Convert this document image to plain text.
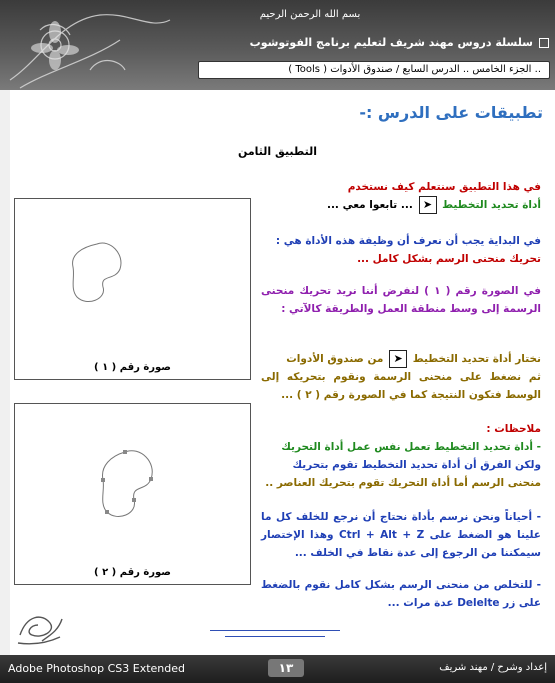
بسم الله الرحمن الرحيم
سلسلة دروس مهند شريف لتعليم برنامج الفوتوشوب
.. الجزء الخامس .. الدرس السابع / صندوق الأدوات ( Tools )
تطبيقات على الدرس :-
التطبيق الثامن
في هذا التطبيق سنتعلم كيف نستخدم
أداة تحديد التخطيط ➤ ... تابعوا معي ...
في البداية يجب أن نعرف أن وظيفة هذه الأداة هي :
تحريك منحنى الرسم بشكل كامل ...
في الصورة رقم ( ١ ) لنفرض أننا نريد تحريك منحنى الرسمة إلى وسط منطقة العمل والطريقة كالآتي :
نختار أداة تحديد التخطيط ➤ من صندوق الأدوات
ثم نضغط على منحنى الرسمة ونقوم بتحريكه إلى الوسط فتكون النتيجة كما في الصورة رقم ( ٢ ) ...
ملاحظات :
- أداة تحديد التخطيط تعمل نفس عمل أداة التحريك
ولكن الفرق أن أداة تحديد التخطيط تقوم بتحريك
منحنى الرسم أما أداة التحريك تقوم بتحريك العناصر ..
- أحياناً ونحن نرسم بأداة نحتاج أن نرجع للخلف كل ما علينا هو الضغط على Ctrl + Alt + Z وهذا الإختصار سيمكننا من الرجوع إلى عدة نقاط في الخلف ...
- للتخلص من منحنى الرسم بشكل كامل نقوم بالضغط على زر Delelte عدة مرات ...
صورة رقم ( ١ )
صورة رقم ( ٢ )
Adobe Photoshop CS3 Extended	١٣	إعداد وشرح / مهند شريف
